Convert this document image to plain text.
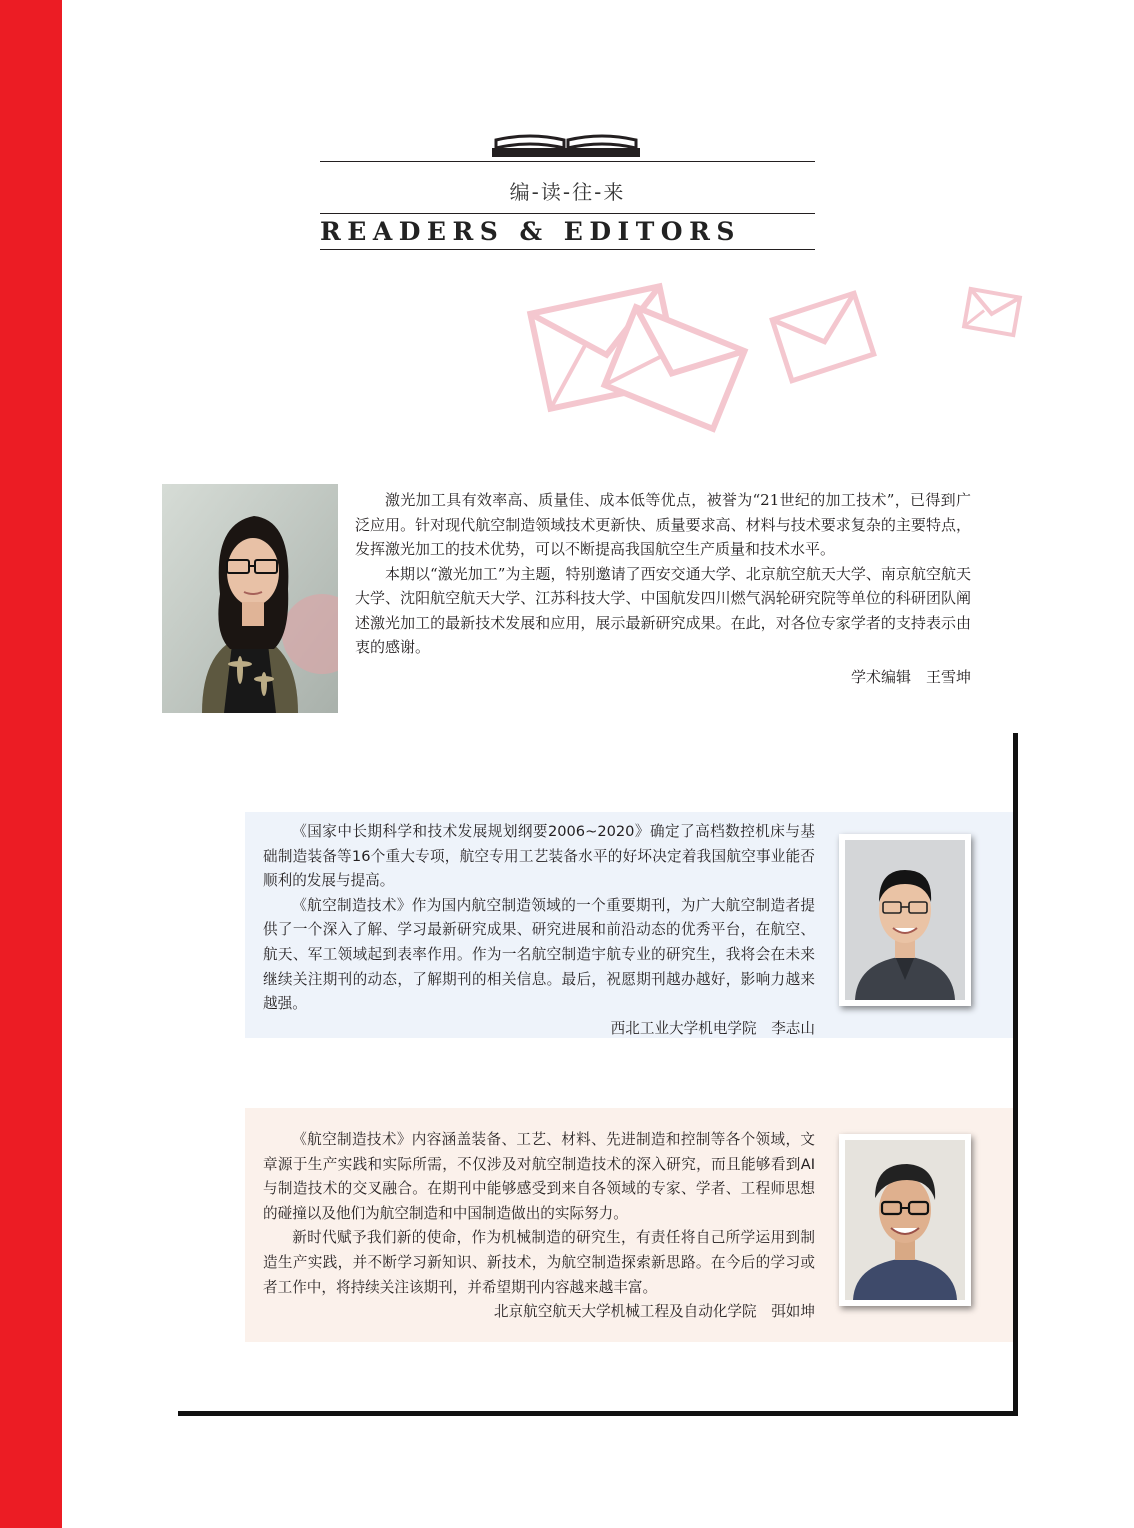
编-读-往-来
READERS & EDITORS

激光加工具有效率高、质量佳、成本低等优点，被誉为“21世纪的加工技术”，已得到广泛应用。针对现代航空制造领域技术更新快、质量要求高、材料与技术要求复杂的主要特点，发挥激光加工的技术优势，可以不断提高我国航空生产质量和技术水平。

本期以“激光加工”为主题，特别邀请了西安交通大学、北京航空航天大学、南京航空航天大学、沈阳航空航天大学、江苏科技大学、中国航发四川燃气涡轮研究院等单位的科研团队阐述激光加工的最新技术发展和应用，展示最新研究成果。在此，对各位专家学者的支持表示由衷的感谢。

学术编辑　王雪坤

《国家中长期科学和技术发展规划纲要2006~2020》确定了高档数控机床与基础制造装备等16个重大专项，航空专用工艺装备水平的好坏决定着我国航空事业能否顺利的发展与提高。

《航空制造技术》作为国内航空制造领域的一个重要期刊，为广大航空制造者提供了一个深入了解、学习最新研究成果、研究进展和前沿动态的优秀平台，在航空、航天、军工领域起到表率作用。作为一名航空制造宇航专业的研究生，我将会在未来继续关注期刊的动态，了解期刊的相关信息。最后，祝愿期刊越办越好，影响力越来越强。

西北工业大学机电学院　李志山

《航空制造技术》内容涵盖装备、工艺、材料、先进制造和控制等各个领域，文章源于生产实践和实际所需，不仅涉及对航空制造技术的深入研究，而且能够看到AI与制造技术的交叉融合。在期刊中能够感受到来自各领域的专家、学者、工程师思想的碰撞以及他们为航空制造和中国制造做出的实际努力。

新时代赋予我们新的使命，作为机械制造的研究生，有责任将自己所学运用到制造生产实践，并不断学习新知识、新技术，为航空制造探索新思路。在今后的学习或者工作中，将持续关注该期刊，并希望期刊内容越来越丰富。

北京航空航天大学机械工程及自动化学院　弭如坤
